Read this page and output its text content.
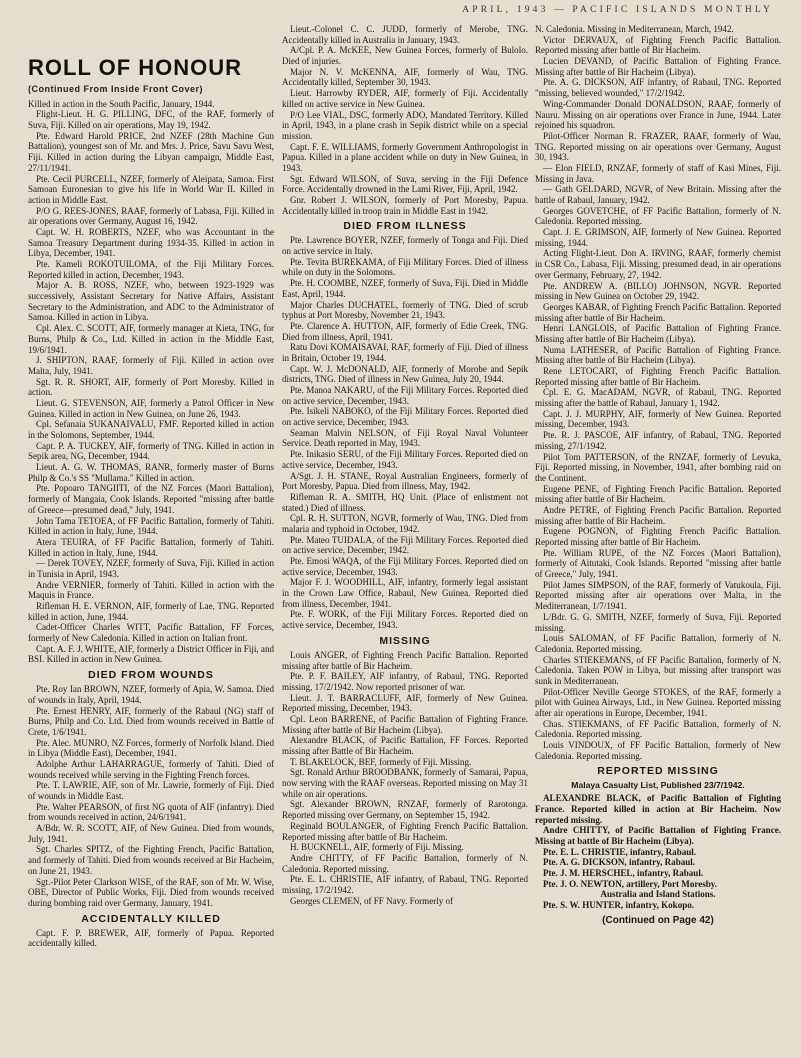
APRIL, 1943 — PACIFIC ISLANDS MONTHLY
ROLL OF HONOUR
(Continued From Inside Front Cover)

Killed in action in the South Pacific, January, 1944.

Flight-Lieut. H. G. PILLING, DFC, of the RAF, formerly of Suva, Fiji. Killed on air operations, May 19, 1942.

Pte. Edward Harold PRICE, 2nd NZEF (28th Machine Gun Battalion), youngest son of Mr. and Mrs. J. Price, Savu Savu West, Fiji. Killed in action during the Libyan campaign, Middle East, 27/11/1941.

Pte. Cecil PURCELL, NZEF, formerly of Aleipata, Samoa. First Samoan Euronesian to give his life in World War II. Killed in action in Middle East.

P/O G. REES-JONES, RAAF, formerly of Labasa, Fiji. Killed in air operations over Germany, August 16, 1942.

Capt. W. H. ROBERTS, NZEF, who was Accountant in the Samoa Treasury Department during 1934-35. Killed in action in Libya, December, 1941.

Pte. Kameli ROKOTUILOMA, of the Fiji Military Forces. Reported killed in action, December, 1943.

Major A. B. ROSS, NZEF, who, between 1923-1929 was successively, Assistant Secretary for Native Affairs, Assistant Secretary to the Administration, and ADC to the Administrator of Samoa. Killed in action in Libya.

Cpl. Alex. C. SCOTT, AIF, formerly manager at Kieta, TNG, for Burns, Philp & Co., Ltd. Killed in action in the Middle East, 19/6/1941.

J. SHIPTON, RAAF, formerly of Fiji. Killed in action over Malta, July, 1941.

Sgt. R. R. SHORT, AIF, formerly of Port Moresby. Killed in action.

Lieut. G. STEVENSON, AIF, formerly a Patrol Officer in New Guinea. Killed in action in New Guinea, on June 26, 1943.

Cpl. Sefanaia SUKANAIVALU, FMF. Reported killed in action in the Solomons, September, 1944.

Capt. P. A. TUCKEY, AIF, formerly of TNG. Killed in action in Sepik area, NG, December, 1944.

Lieut. A. G. W. THOMAS, RANR, formerly master of Burns Philp & Co.'s SS "Mullama." Killed in action.

Pte. Popoaro TANGIITI, of the NZ Forces (Maori Battalion), formerly of Mangaia, Cook Islands. Reported "missing after battle of Greece—presumed dead," July, 1941.

John Tama TETOEA, of FF Pacific Battalion, formerly of Tahiti. Killed in action in Italy, June, 1944.

Atera TEUIRA, of FF Pacific Battalion, formerly of Tahiti. Killed in action in Italy, June, 1944.

— Derek TOVEY, NZEF, formerly of Suva, Fiji. Killed in action in Tunisia in April, 1943.

Andre VERNIER, formerly of Tahiti. Killed in action with the Maquis in France.

Rifleman H. E. VERNON, AIF, formerly of Lae, TNG. Reported killed in action, June, 1944.

Cadet-Officer Charles WITT, Pacific Battalion, FF Forces, formerly of New Caledonia. Killed in action on Italian front.

Capt. A. F. J. WHITE, AIF, formerly a District Officer in Fiji, and BSI. Killed in action in New Guinea.

DIED FROM WOUNDS

Pte. Roy Ian BROWN, NZEF, formerly of Apia, W. Samoa. Died of wounds in Italy, April, 1944.

Pte. Ernest HENRY, AIF, formerly of the Rabaul (NG) staff of Burns, Philp and Co. Ltd. Died from wounds received in Battle of Crete, 1/6/1941.

Pte. Alec. MUNRO, NZ Forces, formerly of Norfolk Island. Died in Libya (Middle East), December, 1941.

Adolphe Arthur LAHARRAGUE, formerly of Tahiti. Died of wounds received while serving in the Fighting French forces.

Pte. T. LAWRIE, AIF, son of Mr. Lawrie, formerly of Fiji. Died of wounds in Middle East.

Pte. Walter PEARSON, of first NG quota of AIF (infantry). Died from wounds received in action, 24/6/1941.

A/Bdr. W. R. SCOTT, AIF, of New Guinea. Died from wounds, July, 1941.

Sgt. Charles SPITZ, of the Fighting French, Pacific Battalion, and formerly of Tahiti. Died from wounds received at Bir Hacheim, on June 21, 1943.

Sgt.-Pilot Peter Clarkson WISE, of the RAF, son of Mr. W. Wise, OBE, Director of Public Works, Fiji. Died from wounds received during bombing raid over Germany, January, 1941.

ACCIDENTALLY KILLED

Capt. F. P. BREWER, AIF, formerly of Papua. Reported accidentally killed.

Lieut.-Colonel C. C. JUDD, formerly of Merobe, TNG. Accidentally killed in Australia in January, 1943.

A/Cpl. P. A. McKEE, New Guinea Forces, formerly of Bulolo. Died of injuries.

Major N. V. McKENNA, AIF, formerly of Wau, TNG. Accidentally killed, September 30, 1943.

Lieut. Harrowby RYDER, AIF, formerly of Fiji. Accidentally killed on active service in New Guinea.

P/O Lee VIAL, DSC, formerly ADO, Mandated Territory. Killed in April, 1943, in a plane crash in Sepik district while on a special mission.

Capt. F. E. WILLIAMS, formerly Government Anthropologist in Papua. Killed in a plane accident while on duty in New Guinea, in 1943.

Sgt. Edward WILSON, of Suva, serving in the Fiji Defence Force. Accidentally drowned in the Lami River, Fiji, April, 1942.

Gnr. Robert J. WILSON, formerly of Port Moresby, Papua. Accidentally killed in troop train in Middle East in 1942.

DIED FROM ILLNESS

Pte. Lawrence BOYER, NZEF, formerly of Tonga and Fiji. Died on active service in Italy.

Pte. Tevita BUREKAMA, of Fiji Military Forces. Died of illness while on duty in the Solomons.

Pte. H. COOMBE, NZEF, formerly of Suva, Fiji. Died in Middle East, April, 1944.

Major Charles DUCHATEL, formerly of TNG. Died of scrub typhus at Port Moresby, November 21, 1943.

Pte. Clarence A. HUTTON, AIF, formerly of Edie Creek, TNG. Died from illness, April, 1941.

Ratu Dovi KOMAISAVAI, RAF, formerly of Fiji. Died of illness in Britain, October 19, 1944.

Capt. W. J. McDONALD, AIF, formerly of Morobe and Sepik districts, TNG. Died of illness in New Guinea, July 20, 1944.

Pte. Manoa NAKARU, of the Fiji Military Forces. Reported died on active service, December, 1943.

Pte. Isikeli NABOKO, of the Fiji Military Forces. Reported died on active service, December, 1943.

Seaman Malvin NELSON, of Fiji Royal Naval Volunteer Service. Death reported in May, 1943.

Pte. Inikasio SERU, of the Fiji Military Forces. Reported died on active service, December, 1943.

A/Sgt. J. H. STANE, Royal Australian Engineers, formerly of Port Moresby, Papua. Died from illness, May, 1942.

Rifleman R. A. SMITH, HQ Unit. (Place of enlistment not stated.) Died of illness.

Cpl. R. H. SUTTON, NGVR, formerly of Wau, TNG. Died from malaria and typhoid in October, 1942.

Pte. Mateo TUIDALA, of the Fiji Military Forces. Reported died on active service, December, 1942.

Pte. Emosi WAQA, of the Fiji Military Forces. Reported died on active service, December, 1943.

Major F. J. WOODHILL, AIF, infantry, formerly legal assistant in the Crown Law Office, Rabaul, New Guinea. Reported died from illness, December, 1941.

Pte. F. WORK, of the Fiji Military Forces. Reported died on active service, December, 1943.

MISSING

Louis ANGER, of Fighting French Pacific Battalion. Reported missing after battle of Bir Hacheim.

Pte. P. F. BAILEY, AIF infantry, of Rabaul, TNG. Reported missing, 17/2/1942. Now reported prisoner of war.

Lieut. J. T. BARRACLUFF, AIF, formerly of New Guinea. Reported missing, December, 1943.

Cpl. Leon BARRENE, of Pacific Battalion of Fighting France. Missing after battle of Bir Hacheim (Libya).

Alexandre BLACK, of Pacific Battalion, FF Forces. Reported missing after Battle of Bir Hacheim.

T. BLAKELOCK, BEF, formerly of Fiji. Missing.

Sgt. Ronald Arthur BROODBANK, formerly of Samarai, Papua, now serving with the RAAF overseas. Reported missing on May 31 while on air operations.

Sgt. Alexander BROWN, RNZAF, formerly of Rarotonga. Reported missing over Germany, on September 15, 1942.

Reginald BOULANGER, of Fighting French Pacific Battalion. Reported missing after battle of Bir Hacheim.

H. BUCKNELL, AIF, formerly of Fiji. Missing.

Andre CHITTY, of FF Pacific Battalion, formerly of N. Caledonia. Reported missing.

Pte. E. L. CHRISTIE, AIF infantry, of Rabaul, TNG. Reported missing, 17/2/1942.

Georges CLEMEN, of FF Navy. Formerly of

N. Caledonia. Missing in Mediterranean, March, 1942.

Victor DERVAUX, of Fighting French Pacific Battalion. Reported missing after battle of Bir Hacheim.

Lucien DEVAND, of Pacific Battalion of Fighting France. Missing after battle of Bir Hacheim (Libya).

Pte. A. G. DICKSON, AIF infantry, of Rabaul, TNG. Reported "missing, believed wounded," 17/2/1942.

Wing-Commander Donald DONALDSON, RAAF, formerly of Nauru. Missing on air operations over France in June, 1944. Later rejoined his squadron.

Pilot-Officer Norman R. FRAZER, RAAF, formerly of Wau, TNG. Reported missing on air operations over Germany, August 30, 1943.

— Elon FIELD, RNZAF, formerly of staff of Kasi Mines, Fiji. Missing in Java.

— Gath GELDARD, NGVR, of New Britain. Missing after the battle of Rabaul, January, 1942.

Georges GOVETCHE, of FF Pacific Battalion, formerly of N. Caledonia. Reported missing.

Capt. J. E. GRIMSON, AIF, formerly of New Guinea. Reported missing, 1944.

Acting Flight-Lieut. Don A. IRVING, RAAF, formerly chemist in CSR Co., Labasa, Fiji. Missing, presumed dead, in air operations over Germany, February, 27, 1942.

Pte. ANDREW A. (BILLO) JOHNSON, NGVR. Reported missing in New Guinea on October 29, 1942.

Georges KABAR, of Fighting French Pacific Battalion. Reported missing after battle of Bir Hacheim.

Henri LANGLOIS, of Pacific Battalion of Fighting France. Missing after battle of Bir Hacheim (Libya).

Numa LATHESER, of Pacific Battalion of Fighting France. Missing after battle of Bir Hacheim (Libya).

Rene LETOCART, of Fighting French Pacific Battalion. Reported missing after battle of Bir Hacheim.

Cpl. E. G. MacADAM, NGVR, of Rabaul, TNG. Reported missing after the battle of Rabaul, January 1, 1942.

Capt. J. J. MURPHY, AIF, formerly of New Guinea. Reported missing, December, 1943.

Pte. R. J. PASCOE, AIF infantry, of Rabaul, TNG. Reported missing, 27/1/1942.

Pilot Tom PATTERSON, of the RNZAF, formerly of Levuka, Fiji. Reported missing, in November, 1941, after bombing raid on the Continent.

Eugene PENE, of Fighting French Pacific Battalion. Reported missing after battle of Bir Hacheim.

Andre PETRE, of Fighting French Pacific Battalion. Reported missing after battle of Bir Hacheim.

Eugene POGNON, of Fighting French Pacific Battalion. Reported missing after battle of Bir Hacheim.

Pte. William RUPE, of the NZ Forces (Maori Battalion), formerly of Aitutaki, Cook Islands. Reported "missing after battle of Greece," July, 1941.

Pilot James SIMPSON, of the RAF, formerly of Vatukoula, Fiji. Reported missing after air operations over Malta, in the Mediterranean, 1/7/1941.

L/Bdr. G. G. SMITH, NZEF, formerly of Suva, Fiji. Reported missing.

Louis SALOMAN, of FF Pacific Battalion, formerly of N. Caledonia. Reported missing.

Charles STIEKEMANS, of FF Pacific Battalion, formerly of N. Caledonia. Taken POW in Libya, but missing after transport was sunk in Mediterranean.

Pilot-Officer Neville George STOKES, of the RAF, formerly a pilot with Guinea Airways, Ltd., in New Guinea. Reported missing after air operations in Europe, December, 1941.

Chas. STIEKMANS, of FF Pacific Battalion, formerly of N. Caledonia. Reported missing.

Louis VINDOUX, of FF Pacific Battalion, formerly of New Caledonia. Reported missing.

REPORTED MISSING
Malaya Casualty List, Published 23/7/1942.

ALEXANDRE BLACK, of Pacific Battalion of Fighting France. Reported killed in action at Bir Hacheim. Now reported missing.

Andre CHITTY, of Pacific Battalion of Fighting France. Missing at battle of Bir Hacheim (Libya).

Pte. E. L. CHRISTIE, infantry, Rabaul.

Pte. A. G. DICKSON, infantry, Rabaul.

Pte. J. M. HERSCHEL, infantry, Rabaul.

Pte. J. O. NEWTON, artillery, Port Moresby.

Australia and Island Stations.

Pte. S. W. HUNTER, infantry, Kokopo.

(Continued on Page 42)
